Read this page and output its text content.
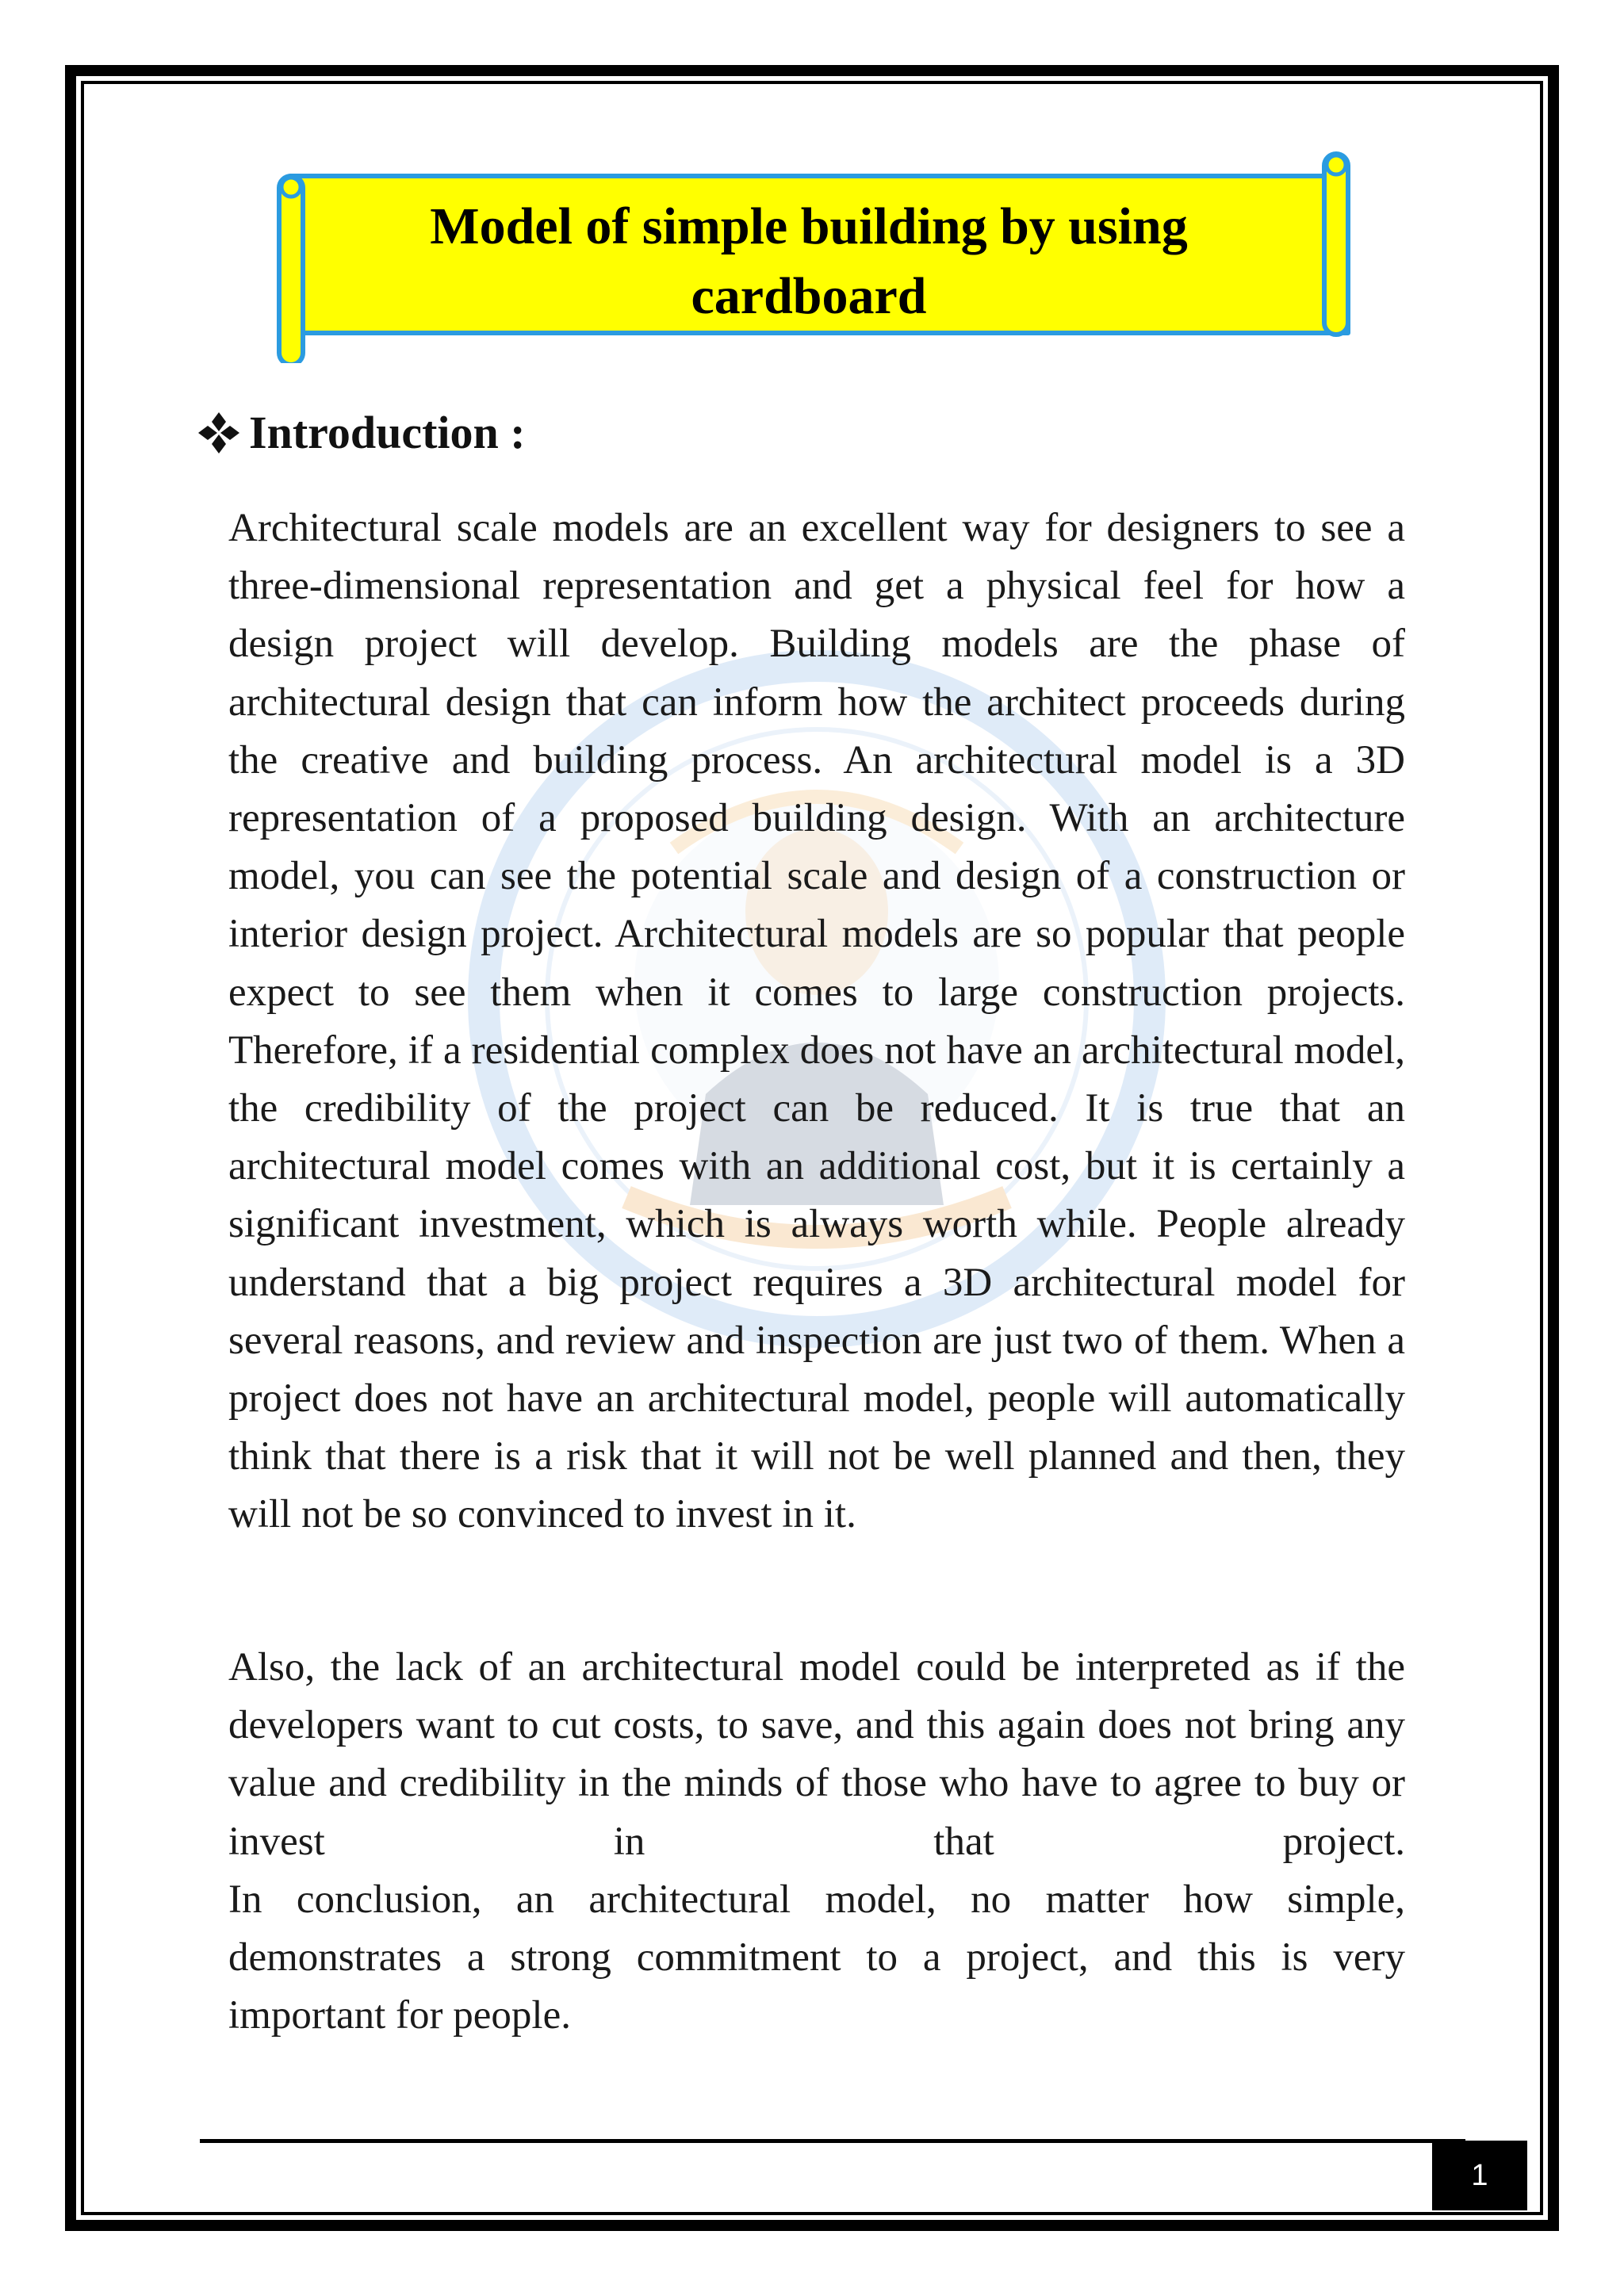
Model of simple building by using
cardboard
Introduction :

Architectural scale models are an excellent way for designers to see a three-dimensional representation and get a physical feel for how a design project will develop. Building models are the phase of architectural design that can inform how the architect proceeds during the creative and building process. An architectural model is a 3D representation of a proposed building design. With an architecture model, you can see the potential scale and design of a construction or interior design project. Architectural models are so popular that people expect to see them when it comes to large construction projects. Therefore, if a residential complex does not have an architectural model, the credibility of the project can be reduced. It is true that an architectural model comes with an additional cost, but it is certainly a significant investment, which is always worth while. People already understand that a big project requires a 3D architectural model for several reasons, and review and inspection are just two of them. When a project does not have an architectural model, people will automatically think that there is a risk that it will not be well planned and then, they will not be so convinced to invest in it.

Also, the lack of an architectural model could be interpreted as if the developers want to cut costs, to save, and this again does not bring any value and credibility in the minds of those who have to agree to buy or invest in that project.
In conclusion, an architectural model, no matter how simple, demonstrates a strong commitment to a project, and this is very important for people.
1
